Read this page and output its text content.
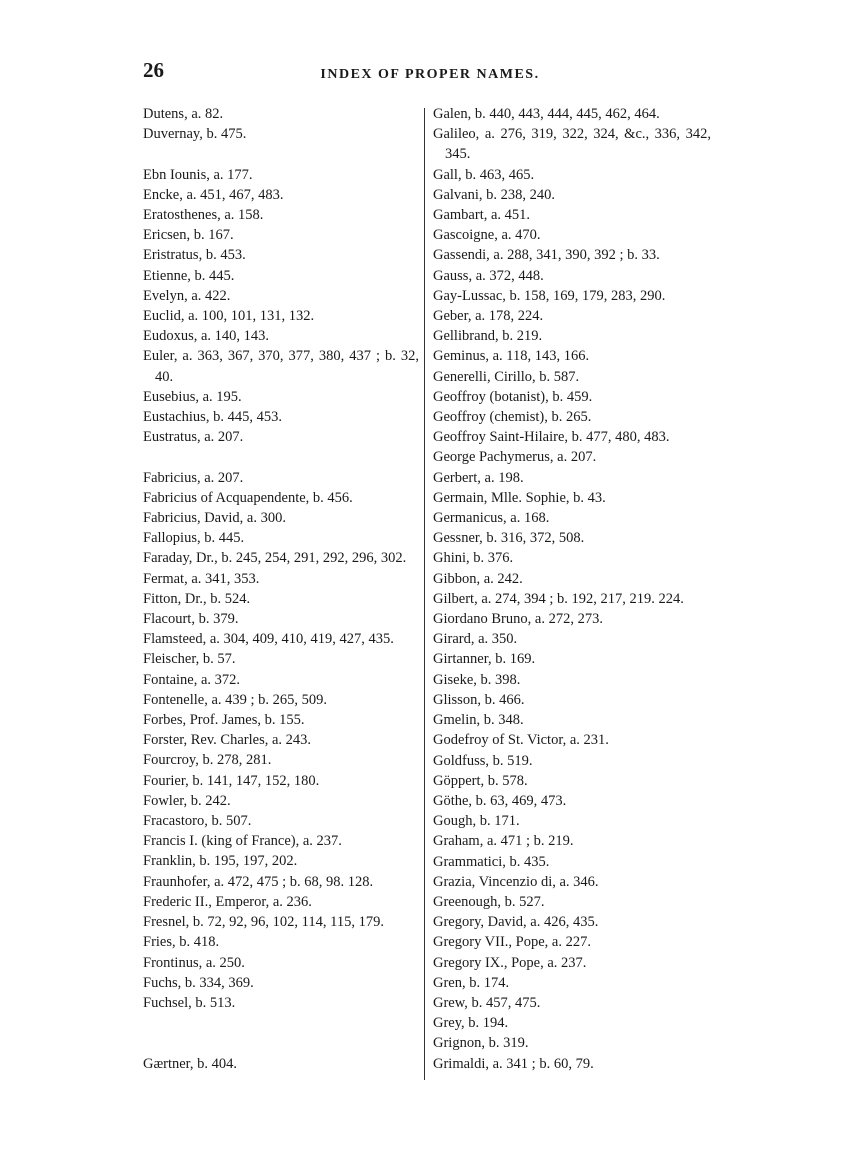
26	INDEX OF PROPER NAMES.
Dutens, a. 82.
Duvernay, b. 475.
Ebn Iounis, a. 177.
Encke, a. 451, 467, 483.
Eratosthenes, a. 158.
Ericsen, b. 167.
Eristratus, b. 453.
Etienne, b. 445.
Evelyn, a. 422.
Euclid, a. 100, 101, 131, 132.
Eudoxus, a. 140, 143.
Euler, a. 363, 367, 370, 377, 380, 437 ; b. 32, 40.
Eusebius, a. 195.
Eustachius, b. 445, 453.
Eustratus, a. 207.
Fabricius, a. 207.
Fabricius of Acquapendente, b. 456.
Fabricius, David, a. 300.
Fallopius, b. 445.
Faraday, Dr., b. 245, 254, 291, 292, 296, 302.
Fermat, a. 341, 353.
Fitton, Dr., b. 524.
Flacourt, b. 379.
Flamsteed, a. 304, 409, 410, 419, 427, 435.
Fleischer, b. 57.
Fontaine, a. 372.
Fontenelle, a. 439 ; b. 265, 509.
Forbes, Prof. James, b. 155.
Forster, Rev. Charles, a. 243.
Fourcroy, b. 278, 281.
Fourier, b. 141, 147, 152, 180.
Fowler, b. 242.
Fracastoro, b. 507.
Francis I. (king of France), a. 237.
Franklin, b. 195, 197, 202.
Fraunhofer, a. 472, 475 ; b. 68, 98. 128.
Frederic II., Emperor, a. 236.
Fresnel, b. 72, 92, 96, 102, 114, 115, 179.
Fries, b. 418.
Frontinus, a. 250.
Fuchs, b. 334, 369.
Fuchsel, b. 513.
Gærtner, b. 404.
Galen, b. 440, 443, 444, 445, 462, 464.
Galileo, a. 276, 319, 322, 324, &c., 336, 342, 345.
Gall, b. 463, 465.
Galvani, b. 238, 240.
Gambart, a. 451.
Gascoigne, a. 470.
Gassendi, a. 288, 341, 390, 392 ; b. 33.
Gauss, a. 372, 448.
Gay-Lussac, b. 158, 169, 179, 283, 290.
Geber, a. 178, 224.
Gellibrand, b. 219.
Geminus, a. 118, 143, 166.
Generelli, Cirillo, b. 587.
Geoffroy (botanist), b. 459.
Geoffroy (chemist), b. 265.
Geoffroy Saint-Hilaire, b. 477, 480, 483.
George Pachymerus, a. 207.
Gerbert, a. 198.
Germain, Mlle. Sophie, b. 43.
Germanicus, a. 168.
Gessner, b. 316, 372, 508.
Ghini, b. 376.
Gibbon, a. 242.
Gilbert, a. 274, 394 ; b. 192, 217, 219. 224.
Giordano Bruno, a. 272, 273.
Girard, a. 350.
Girtanner, b. 169.
Giseke, b. 398.
Glisson, b. 466.
Gmelin, b. 348.
Godefroy of St. Victor, a. 231.
Goldfuss, b. 519.
Göppert, b. 578.
Göthe, b. 63, 469, 473.
Gough, b. 171.
Graham, a. 471 ; b. 219.
Grammatici, b. 435.
Grazia, Vincenzio di, a. 346.
Greenough, b. 527.
Gregory, David, a. 426, 435.
Gregory VII., Pope, a. 227.
Gregory IX., Pope, a. 237.
Gren, b. 174.
Grew, b. 457, 475.
Grey, b. 194.
Grignon, b. 319.
Grimaldi, a. 341 ; b. 60, 79.
